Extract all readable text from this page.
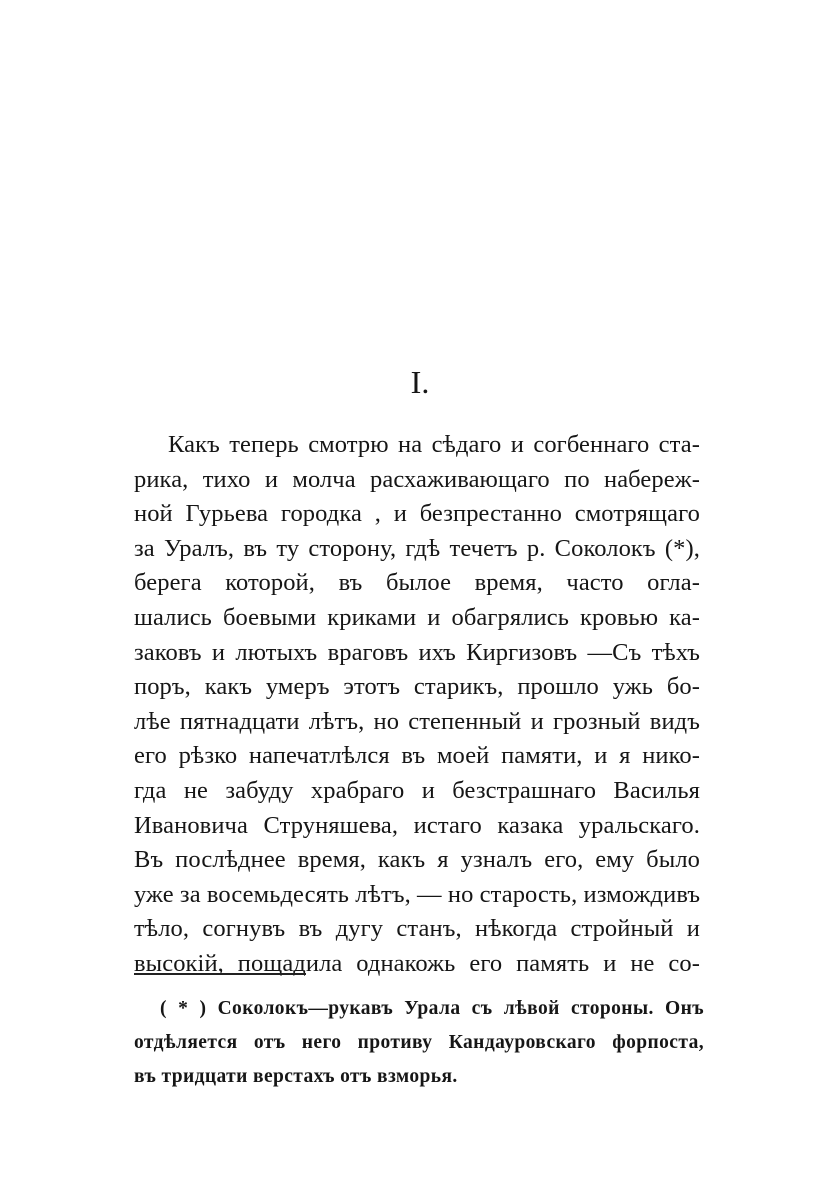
I.
Какъ теперь смотрю на сѣдаго и согбеннаго ста-
рика, тихо и молча расхаживающаго по набереж-
ной Гурьева городка , и безпрестанно смотрящаго
за Уралъ, въ ту сторону, гдѣ течетъ р. Соколокъ (*),
берега которой, въ былое время, часто огла-
шались боевыми криками и обагрялись кровью ка-
заковъ и лютыхъ враговъ ихъ Киргизовъ —Съ тѣхъ
поръ, какъ умеръ этотъ старикъ, прошло ужь бо-
лѣе пятнадцати лѣтъ, но степенный и грозный видъ
его рѣзко напечатлѣлся въ моей памяти, и я нико-
гда не забуду храбраго и безстрашнаго Василья
Ивановича Струняшева, истаго казака уральскаго.
Въ послѣднее время, какъ я узналъ его, ему было
уже за восемьдесять лѣтъ, — но старость, измождивъ
тѣло, согнувъ въ дугу станъ, нѣкогда стройный и
высокій, пощадила однакожь его память и не со-
( * ) Соколокъ—рукавъ Урала съ лѣвой стороны. Онъ
отдѣляется отъ него противу Кандауровскаго форпоста,
въ тридцати верстахъ отъ взморья.
